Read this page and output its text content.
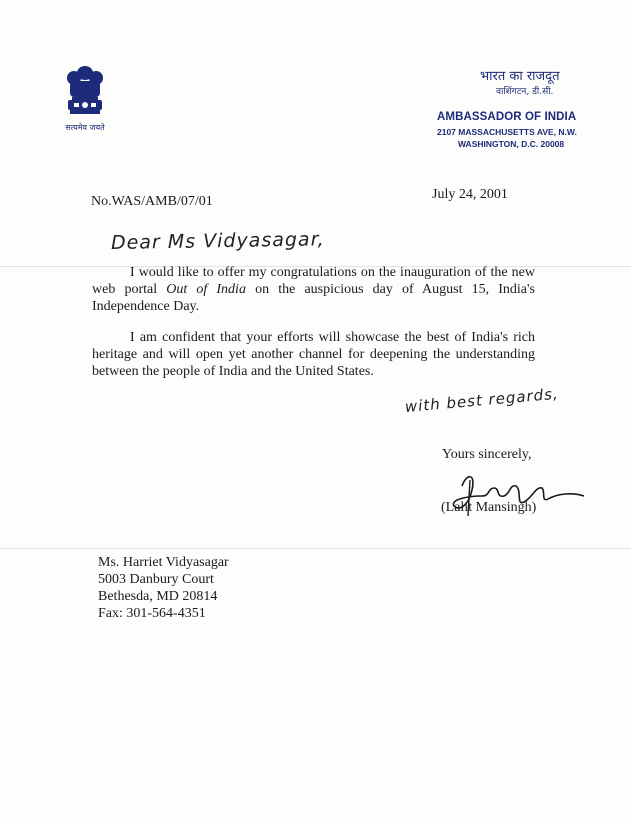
सत्यमेव जयते
भारत का राजदूत
वाशिंगटन, डी.सी.
AMBASSADOR OF INDIA
2107 MASSACHUSETTS AVE, N.W.
WASHINGTON, D.C. 20008
No.WAS/AMB/07/01	July 24, 2001
Dear Ms Vidyasagar,
I would like to offer my congratulations on the inauguration of the new web portal Out of India on the auspicious day of August 15, India's Independence Day.
I am confident that your efforts will showcase the best of India's rich heritage and will open yet another channel for deepening the understanding between the people of India and the United States.
with best regards,
Yours sincerely,
(Lalit Mansingh)
Ms. Harriet Vidyasagar
5003 Danbury Court
Bethesda, MD 20814
Fax: 301-564-4351
